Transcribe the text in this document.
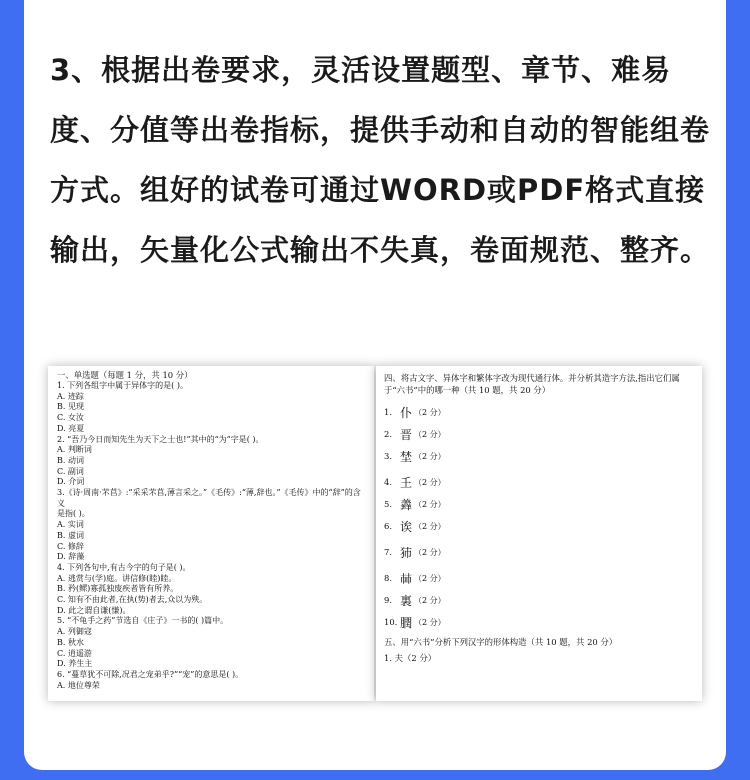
3、根据出卷要求，灵活设置题型、章节、难易度、分值等出卷指标，提供手动和自动的智能组卷方式。组好的试卷可通过WORD或PDF格式直接输出，矢量化公式输出不失真，卷面规范、整齐。

一、单选题（每题 1 分，共 10 分）

1. 下列各组字中属于异体字的是( )。

A. 迹踪

B. 见现

C. 女汝

D. 亮夏

2. “吾乃今日而知先生为天下之士也!”其中的“为”字是( )。

A. 判断词

B. 动词

C. 副词

D. 介词

3.《诗·周南·芣苢》:“采采芣苢,薄言采之。”《毛传》:“薄,辞也。”《毛传》中的“辞”的含义

是指( )。

A. 实词

B. 虚词

C. 修辞

D. 辞藻

4. 下列各句中,有古今字的句子是( )。

A. 逃赏与(学)庭。讲信修(睦)睦。

B. 矜(鳏)寡孤独废疾者皆有所养。

C. 知有不由此者,在执(势)者去,众以为殃。

D. 此之谓自谦(慊)。

5. “不龟手之药”节选自《庄子》一书的( )篇中。

A. 列御寇

B. 秋水

C. 逍遥游

D. 养生主

6. “蔓草犹不可除,况君之宠弟乎?”“宠”的意思是( )。

A. 地位尊荣

四、将古文字、异体字和繁体字改为现代通行体。并分析其造字方法,指出它们属于“六书”中的哪一种（共 10 题，共 20 分）

1. 仆 （2 分）
2. 晋 （2 分）
3. 埜 （2 分）
4. 𡈼 （2 分）
5. 羴 （2 分）
6. 诶 （2 分）
7. 犻 （2 分）
8. 𢂏 （2 分）
9. 裏 （2 分）
10. 膶 （2 分）

五、用“六书”分析下列汉字的形体构造（共 10 题，共 20 分）

1. 夫（2 分）
